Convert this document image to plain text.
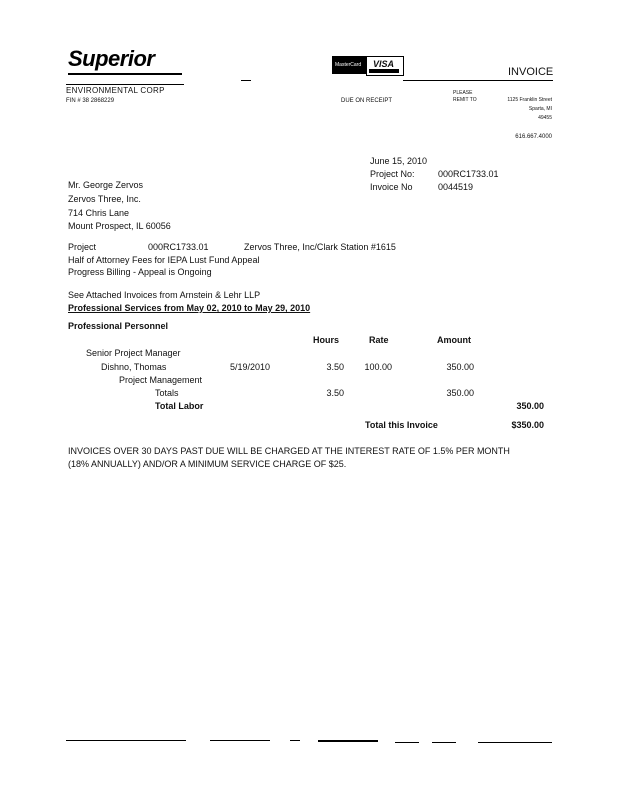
Superior
ENVIRONMENTAL CORP
FIN # 38 2868229
MasterCard VISA
INVOICE
DUE ON RECEIPT
PLEASE
REMIT TO	1125 Franklin Street
Sparta, MI
49455
616.667.4000
June 15, 2010
Project No:	000RC1733.01
Invoice No	0044519
Mr. George Zervos
Zervos Three, Inc.
714 Chris Lane
Mount Prospect, IL 60056
Project	000RC1733.01	Zervos Three, Inc/Clark Station #1615
Half of Attorney Fees for IEPA Lust Fund Appeal
Progress Billing - Appeal is Ongoing
See Attached Invoices from Arnstein & Lehr LLP
Professional Services from May 02, 2010 to May 29, 2010
Professional Personnel
Hours	Rate	Amount
Senior Project Manager
Dishno, Thomas	5/19/2010	3.50 100.00	350.00
Project Management
Totals	3.50	350.00
Total Labor	350.00
Total this Invoice	$350.00
INVOICES OVER 30 DAYS PAST DUE WILL BE CHARGED AT THE INTEREST RATE OF 1.5% PER MONTH
(18% ANNUALLY) AND/OR A MINIMUM SERVICE CHARGE OF $25.
